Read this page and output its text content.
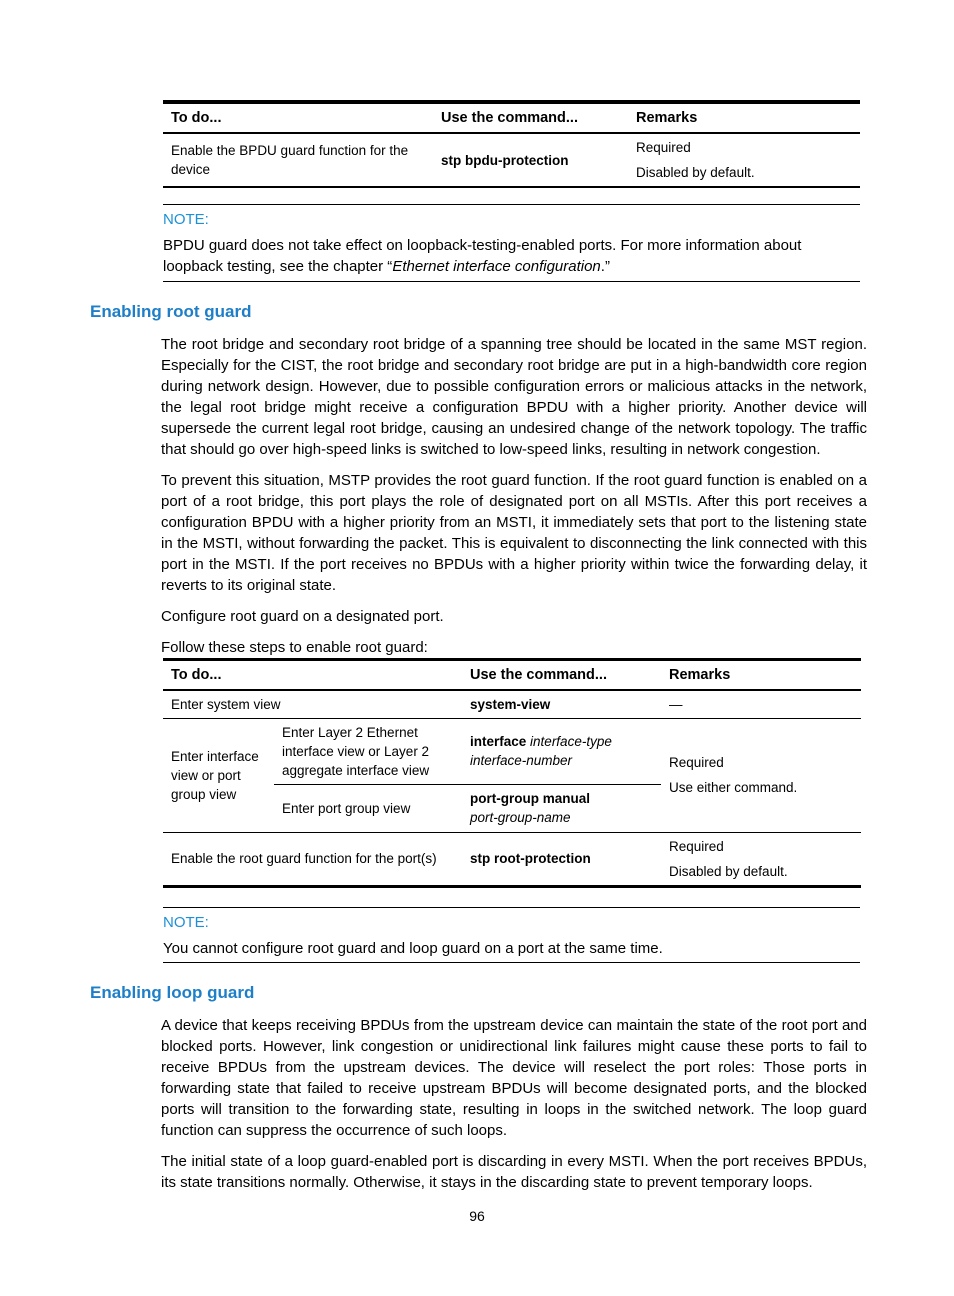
To do...	Use the command...	Remarks
Enable the BPDU guard function for the device	stp bpdu-protection	Required
Disabled by default.
NOTE:
BPDU guard does not take effect on loopback-testing-enabled ports. For more information about loopback testing, see the chapter “Ethernet interface configuration.”
Enabling root guard

The root bridge and secondary root bridge of a spanning tree should be located in the same MST region. Especially for the CIST, the root bridge and secondary root bridge are put in a high-bandwidth core region during network design. However, due to possible configuration errors or malicious attacks in the network, the legal root bridge might receive a configuration BPDU with a higher priority. Another device will supersede the current legal root bridge, causing an undesired change of the network topology. The traffic that should go over high-speed links is switched to low-speed links, resulting in network congestion.

To prevent this situation, MSTP provides the root guard function. If the root guard function is enabled on a port of a root bridge, this port plays the role of designated port on all MSTIs. After this port receives a configuration BPDU with a higher priority from an MSTI, it immediately sets that port to the listening state in the MSTI, without forwarding the packet. This is equivalent to disconnecting the link connected with this port in the MSTI. If the port receives no BPDUs with a higher priority within twice the forwarding delay, it reverts to its original state.

Configure root guard on a designated port.

Follow these steps to enable root guard:

To do...		Use the command...	Remarks
Enter system view		system-view	—
Enter interface view or port group view	Enter Layer 2 Ethernet interface view or Layer 2 aggregate interface view	interface interface-type interface-number	Required
Use either command.

	Enter port group view	port-group manual
port-group-name	
Enable the root guard function for the port(s)		stp root-protection	Required
Disabled by default.
NOTE:
You cannot configure root guard and loop guard on a port at the same time.
Enabling loop guard

A device that keeps receiving BPDUs from the upstream device can maintain the state of the root port and blocked ports. However, link congestion or unidirectional link failures might cause these ports to fail to receive BPDUs from the upstream devices. The device will reselect the port roles: Those ports in forwarding state that failed to receive upstream BPDUs will become designated ports, and the blocked ports will transition to the forwarding state, resulting in loops in the switched network. The loop guard function can suppress the occurrence of such loops.

The initial state of a loop guard-enabled port is discarding in every MSTI. When the port receives BPDUs, its state transitions normally. Otherwise, it stays in the discarding state to prevent temporary loops.

96
